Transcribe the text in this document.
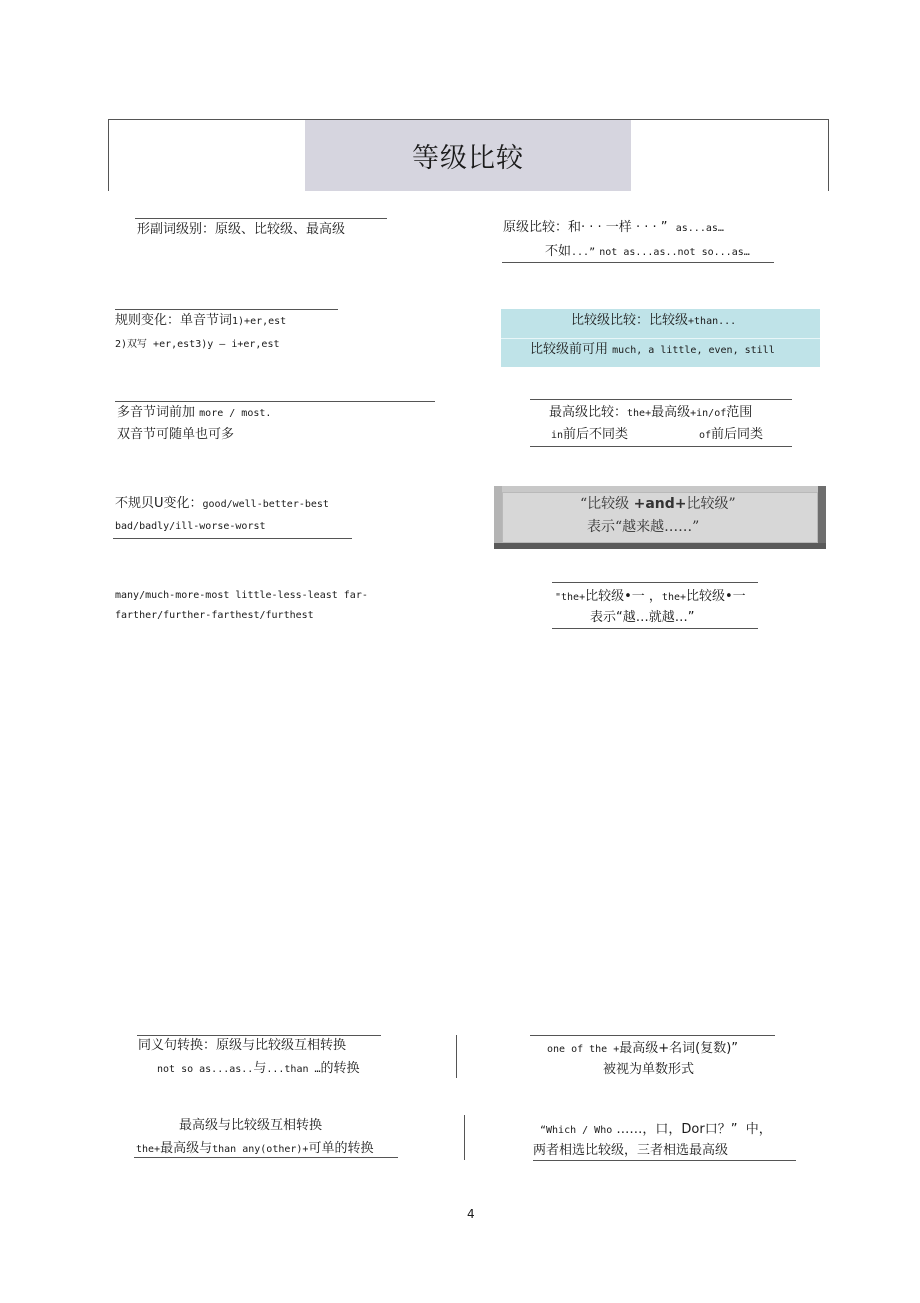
等级比较
形副词级别：原级、比较级、最高级
规则变化：单音节词1)+er,est
2)双写 +er,est3)y — i+er,est
多音节词前加 more / most.
双音节可随单也可多
不规贝U变化：good/well-better-best
bad/badly/ill-worse-worst
many/much-more-most little-less-least far-
farther/further-farthest/furthest
原级比较：和· · · 一样 · · · ” as...as…
不如...” not as...as..not so...as…
比较级比较：比较级+than...
比较级前可用 much, a little, even, still
最高级比较：the+最高级+in/of范围
in前后不同类	of前后同类
“比较级 +and+比较级”
表示“越来越……”
"the+比较级•一 ，the+比较级•一
表示“越…就越…”
同义句转换：原级与比较级互相转换
not so as...as..与...than …的转换
one of the +最高级+名词(复数)”
被视为单数形式
最高级与比较级互相转换
the+最高级与than any(other)+可单的转换
“Which / Who ……，口，Dor口？” 中，
两者相选比较级，三者相选最高级
4
